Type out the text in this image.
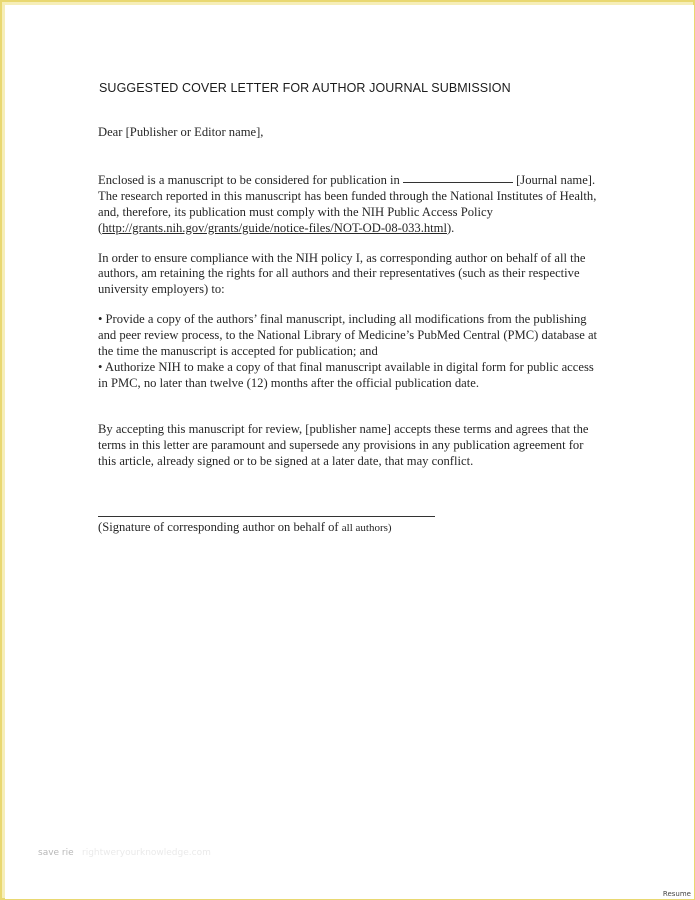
SUGGESTED COVER LETTER FOR AUTHOR JOURNAL SUBMISSION

Dear [Publisher or Editor name],

Enclosed is a manuscript to be considered for publication in	[Journal name]. The research reported in this manuscript has been funded through the National Institutes of Health, and, therefore, its publication must comply with the NIH Public Access Policy (http://grants.nih.gov/grants/guide/notice-files/NOT-OD-08-033.html).

In order to ensure compliance with the NIH policy I, as corresponding author on behalf of all the authors, am retaining the rights for all authors and their representatives (such as their respective university employers) to:

• Provide a copy of the authors’ final manuscript, including all modifications from the publishing and peer review process, to the National Library of Medicine’s PubMed Central (PMC) database at the time the manuscript is accepted for publication; and

• Authorize NIH to make a copy of that final manuscript available in digital form for public access in PMC, no later than twelve (12) months after the official publication date.

By accepting this manuscript for review, [publisher name] accepts these terms and agrees that the terms in this letter are paramount and supersede any provisions in any publication agreement for this article, already signed or to be signed at a later date, that may conflict.

(Signature of corresponding author on behalf of all authors)
save rie rightweryourknowledge.com
Resume
